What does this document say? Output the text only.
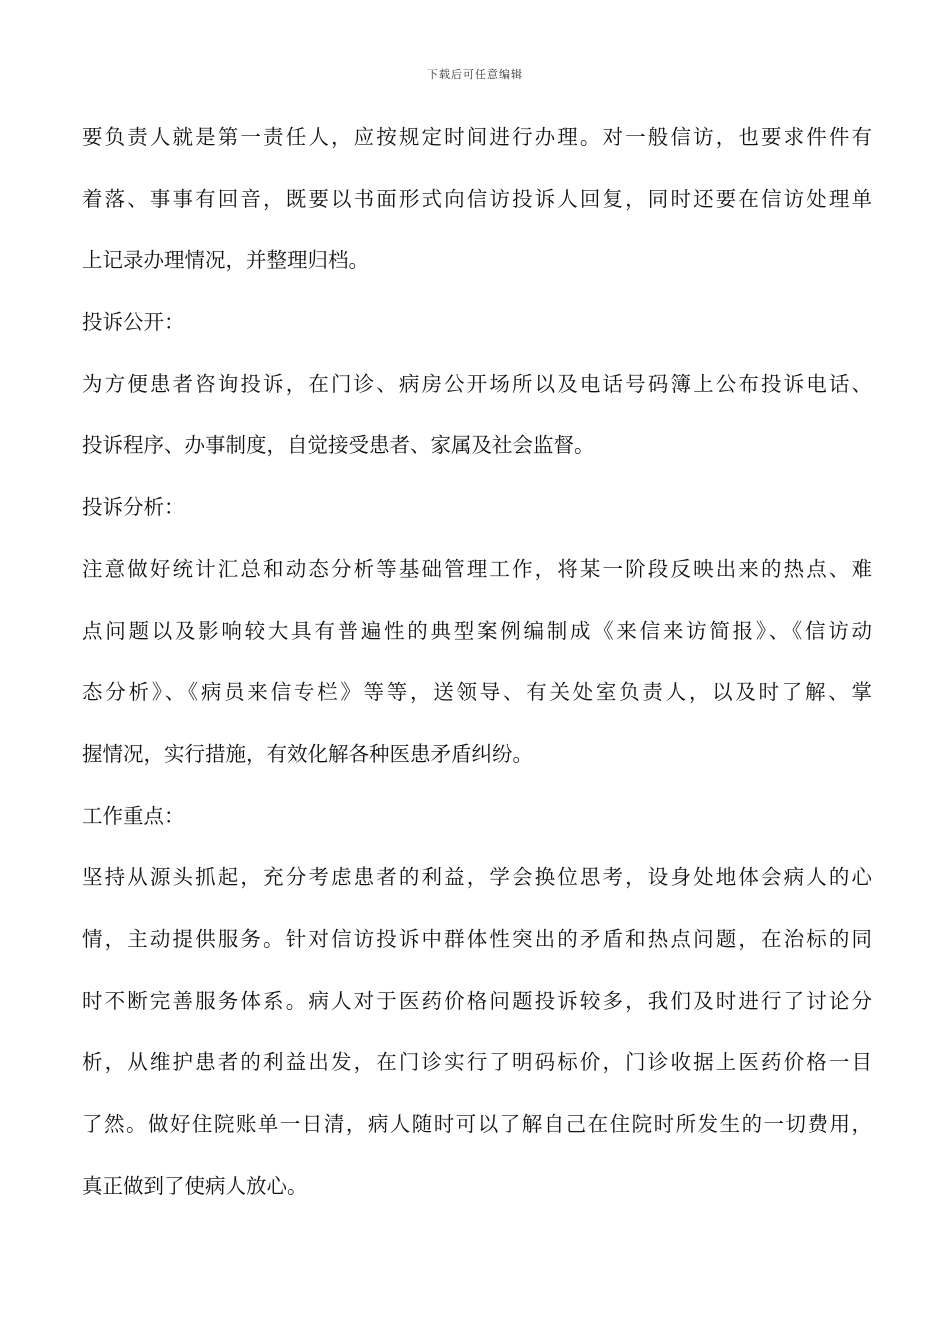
下载后可任意编辑
要负责人就是第一责任人，应按规定时间进行办理。对一般信访，也要求件件有
着落、事事有回音，既要以书面形式向信访投诉人回复，同时还要在信访处理单
上记录办理情况，并整理归档。
投诉公开：
为方便患者咨询投诉，在门诊、病房公开场所以及电话号码簿上公布投诉电话、
投诉程序、办事制度，自觉接受患者、家属及社会监督。
投诉分析：
注意做好统计汇总和动态分析等基础管理工作，将某一阶段反映出来的热点、难
点问题以及影响较大具有普遍性的典型案例编制成《来信来访简报》、《信访动
态分析》、《病员来信专栏》等等，送领导、有关处室负责人，以及时了解、掌
握情况，实行措施，有效化解各种医患矛盾纠纷。
工作重点：
坚持从源头抓起，充分考虑患者的利益，学会换位思考，设身处地体会病人的心
情，主动提供服务。针对信访投诉中群体性突出的矛盾和热点问题，在治标的同
时不断完善服务体系。病人对于医药价格问题投诉较多，我们及时进行了讨论分
析，从维护患者的利益出发，在门诊实行了明码标价，门诊收据上医药价格一目
了然。做好住院账单一日清，病人随时可以了解自己在住院时所发生的一切费用，
真正做到了使病人放心。
